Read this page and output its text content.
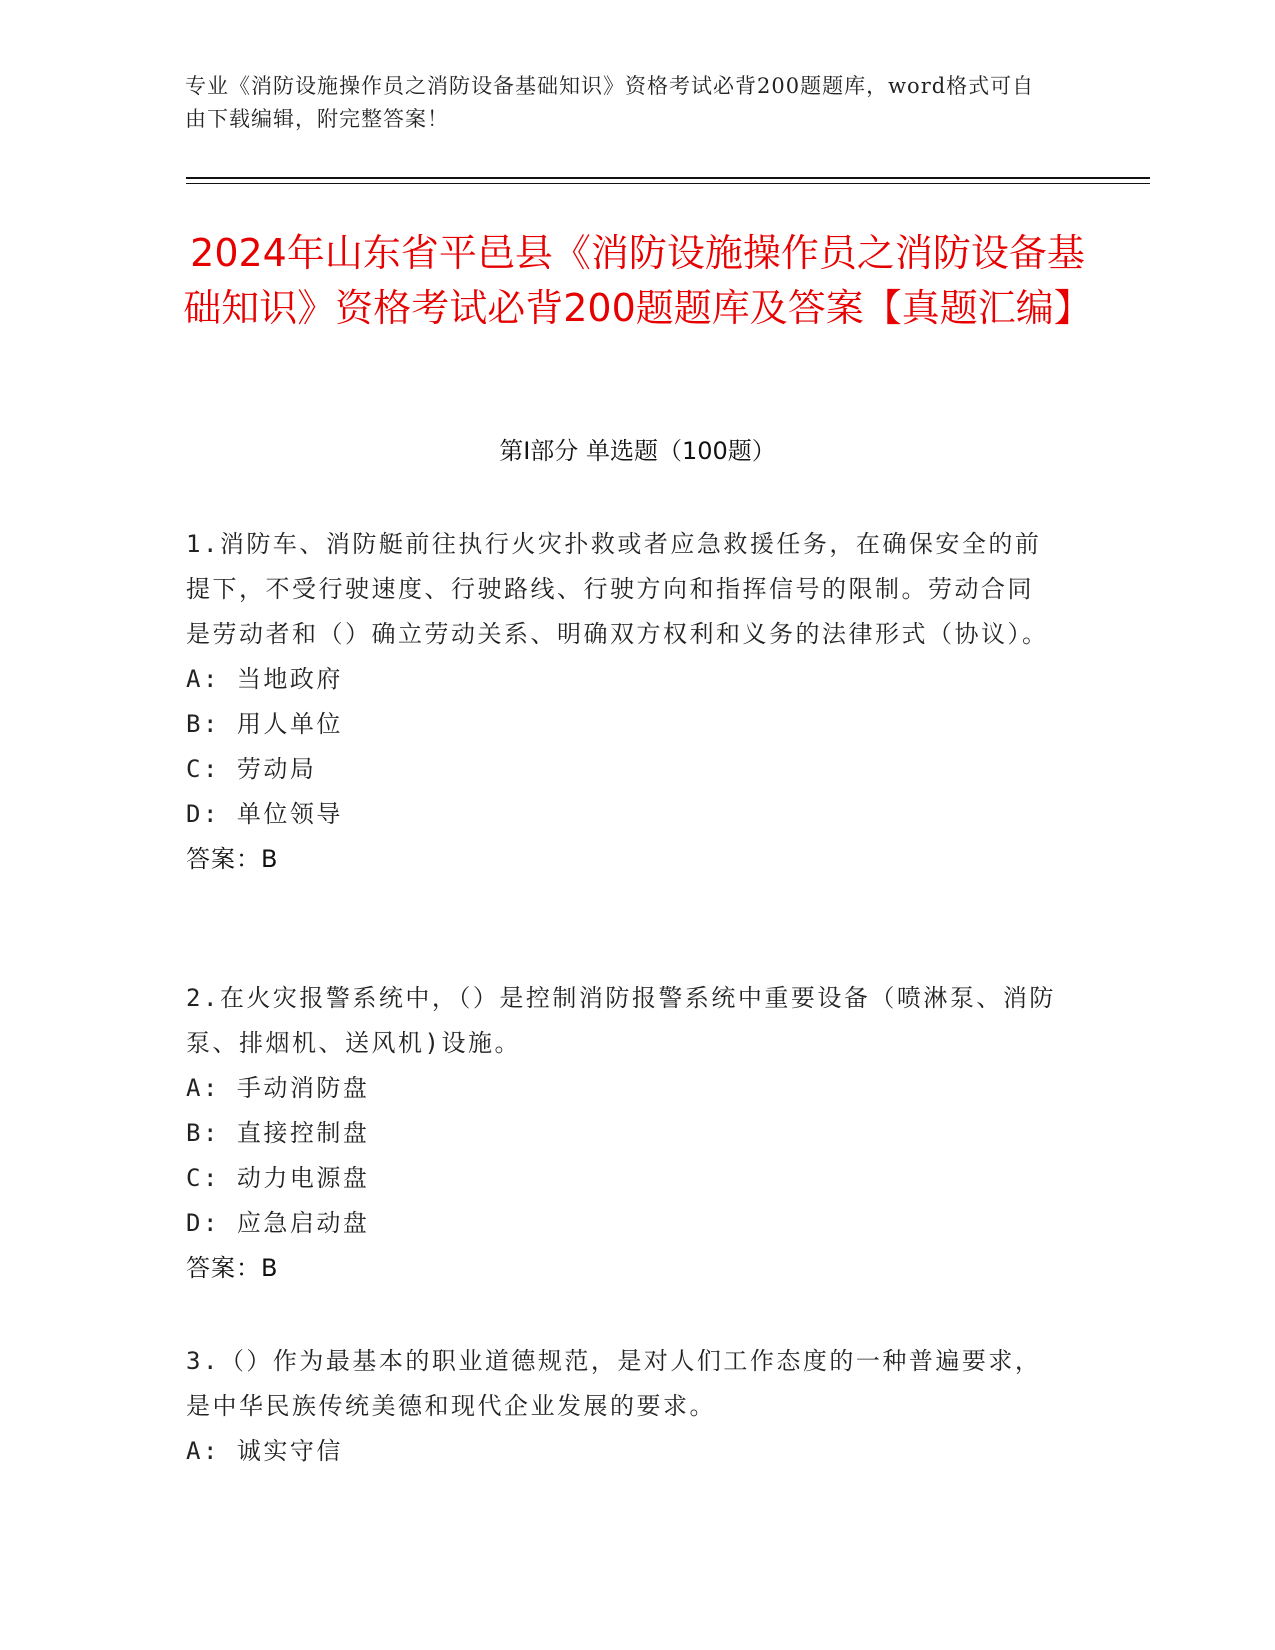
专业《消防设施操作员之消防设备基础知识》资格考试必背200题题库，word格式可自由下载编辑，附完整答案！
2024年山东省平邑县《消防设施操作员之消防设备基础知识》资格考试必背200题题库及答案【真题汇编】
第I部分 单选题（100题）
1.消防车、消防艇前往执行火灾扑救或者应急救援任务，在确保安全的前提下，不受行驶速度、行驶路线、行驶方向和指挥信号的限制。劳动合同是劳动者和（）确立劳动关系、明确双方权利和义务的法律形式（协议）。
A: 当地政府
B: 用人单位
C: 劳动局
D: 单位领导
答案：B
2.在火灾报警系统中，（）是控制消防报警系统中重要设备（喷淋泵、消防泵、排烟机、送风机)设施。
A: 手动消防盘
B: 直接控制盘
C: 动力电源盘
D: 应急启动盘
答案：B
3.（）作为最基本的职业道德规范，是对人们工作态度的一种普遍要求，是中华民族传统美德和现代企业发展的要求。
A: 诚实守信
